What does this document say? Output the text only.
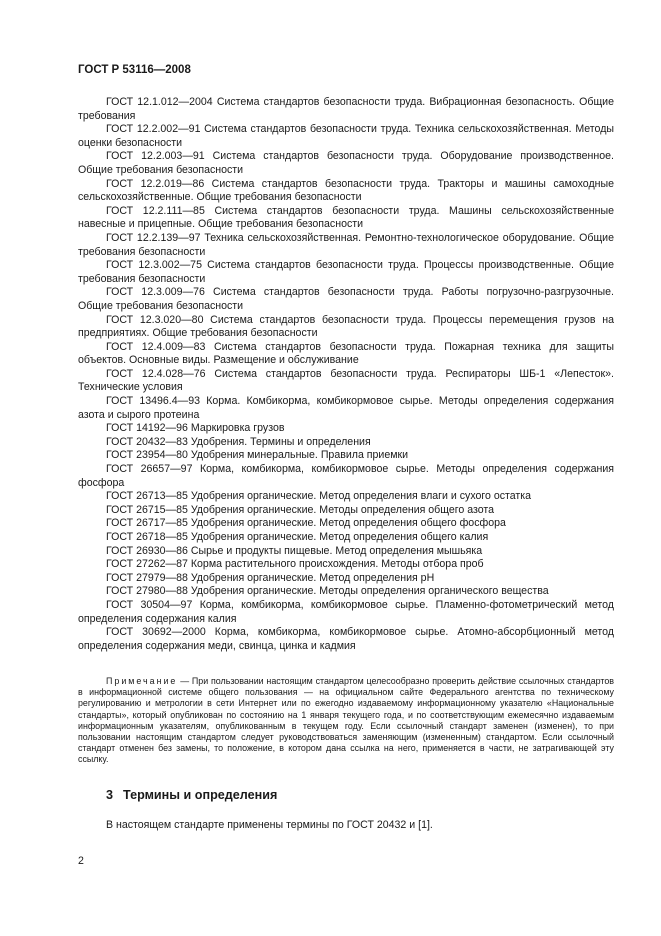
ГОСТ Р 53116—2008

ГОСТ 12.1.012—2004 Система стандартов безопасности труда. Вибрационная безопасность. Общие требования

ГОСТ 12.2.002—91 Система стандартов безопасности труда. Техника сельскохозяйственная. Методы оценки безопасности

ГОСТ 12.2.003—91 Система стандартов безопасности труда. Оборудование производственное. Общие требования безопасности

ГОСТ 12.2.019—86 Система стандартов безопасности труда. Тракторы и машины самоходные сельскохозяйственные. Общие требования безопасности

ГОСТ 12.2.111—85 Система стандартов безопасности труда. Машины сельскохозяйственные навесные и прицепные. Общие требования безопасности

ГОСТ 12.2.139—97 Техника сельскохозяйственная. Ремонтно-технологическое оборудование. Общие требования безопасности

ГОСТ 12.3.002—75 Система стандартов безопасности труда. Процессы производственные. Общие требования безопасности

ГОСТ 12.3.009—76 Система стандартов безопасности труда. Работы погрузочно-разгрузочные. Общие требования безопасности

ГОСТ 12.3.020—80 Система стандартов безопасности труда. Процессы перемещения грузов на предприятиях. Общие требования безопасности

ГОСТ 12.4.009—83 Система стандартов безопасности труда. Пожарная техника для защиты объектов. Основные виды. Размещение и обслуживание

ГОСТ 12.4.028—76 Система стандартов безопасности труда. Респираторы ШБ-1 «Лепесток». Технические условия

ГОСТ 13496.4—93 Корма. Комбикорма, комбикормовое сырье. Методы определения содержания азота и сырого протеина

ГОСТ 14192—96 Маркировка грузов

ГОСТ 20432—83 Удобрения. Термины и определения

ГОСТ 23954—80 Удобрения минеральные. Правила приемки

ГОСТ 26657—97 Корма, комбикорма, комбикормовое сырье. Методы определения содержания фосфора

ГОСТ 26713—85 Удобрения органические. Метод определения влаги и сухого остатка

ГОСТ 26715—85 Удобрения органические. Методы определения общего азота

ГОСТ 26717—85 Удобрения органические. Метод определения общего фосфора

ГОСТ 26718—85 Удобрения органические. Метод определения общего калия

ГОСТ 26930—86 Сырье и продукты пищевые. Метод определения мышьяка

ГОСТ 27262—87 Корма растительного происхождения. Методы отбора проб

ГОСТ 27979—88 Удобрения органические. Метод определения pH

ГОСТ 27980—88 Удобрения органические. Методы определения органического вещества

ГОСТ 30504—97 Корма, комбикорма, комбикормовое сырье. Пламенно-фотометрический метод определения содержания калия

ГОСТ 30692—2000 Корма, комбикорма, комбикормовое сырье. Атомно-абсорбционный метод определения содержания меди, свинца, цинка и кадмия

Примечание — При пользовании настоящим стандартом целесообразно проверить действие ссылочных стандартов в информационной системе общего пользования — на официальном сайте Федерального агентства по техническому регулированию и метрологии в сети Интернет или по ежегодно издаваемому информационному указателю «Национальные стандарты», который опубликован по состоянию на 1 января текущего года, и по соответствующим ежемесячно издаваемым информационным указателям, опубликованным в текущем году. Если ссылочный стандарт заменен (изменен), то при пользовании настоящим стандартом следует руководствоваться заменяющим (измененным) стандартом. Если ссылочный стандарт отменен без замены, то положение, в котором дана ссылка на него, применяется в части, не затрагивающей эту ссылку.

3 Термины и определения
В настоящем стандарте применены термины по ГОСТ 20432 и [1].
2
